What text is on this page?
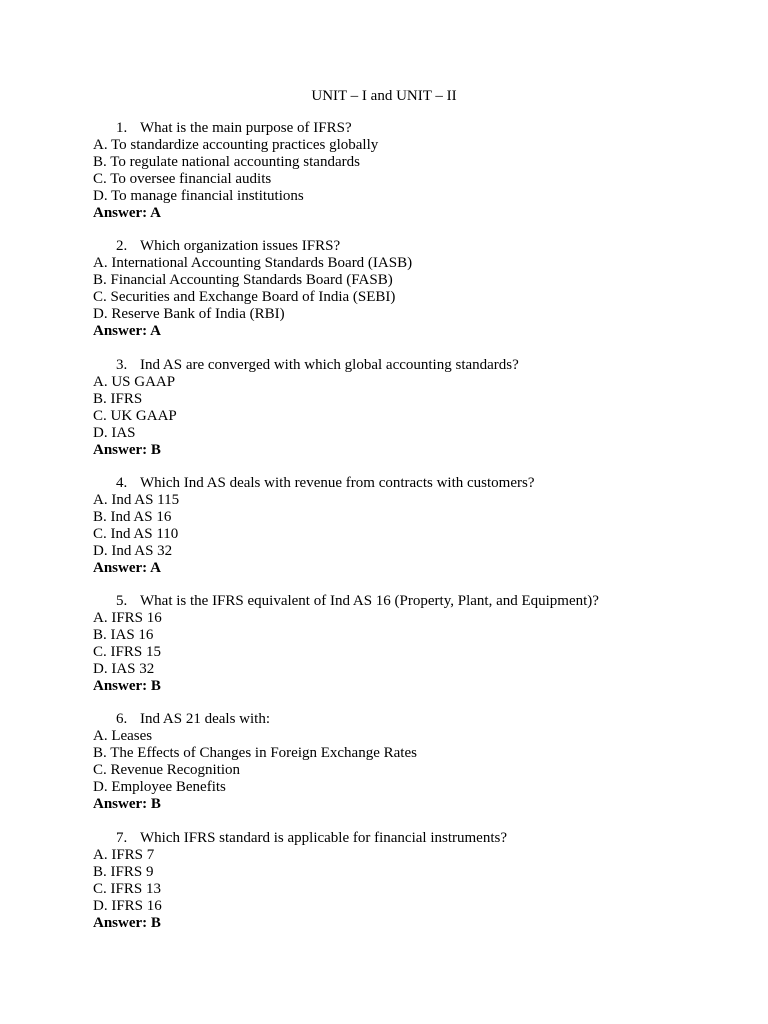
UNIT – I and UNIT – II
1. What is the main purpose of IFRS?
A. To standardize accounting practices globally
B. To regulate national accounting standards
C. To oversee financial audits
D. To manage financial institutions
Answer: A
2. Which organization issues IFRS?
A. International Accounting Standards Board (IASB)
B. Financial Accounting Standards Board (FASB)
C. Securities and Exchange Board of India (SEBI)
D. Reserve Bank of India (RBI)
Answer: A
3. Ind AS are converged with which global accounting standards?
A. US GAAP
B. IFRS
C. UK GAAP
D. IAS
Answer: B
4. Which Ind AS deals with revenue from contracts with customers?
A. Ind AS 115
B. Ind AS 16
C. Ind AS 110
D. Ind AS 32
Answer: A
5. What is the IFRS equivalent of Ind AS 16 (Property, Plant, and Equipment)?
A. IFRS 16
B. IAS 16
C. IFRS 15
D. IAS 32
Answer: B
6. Ind AS 21 deals with:
A. Leases
B. The Effects of Changes in Foreign Exchange Rates
C. Revenue Recognition
D. Employee Benefits
Answer: B
7. Which IFRS standard is applicable for financial instruments?
A. IFRS 7
B. IFRS 9
C. IFRS 13
D. IFRS 16
Answer: B
